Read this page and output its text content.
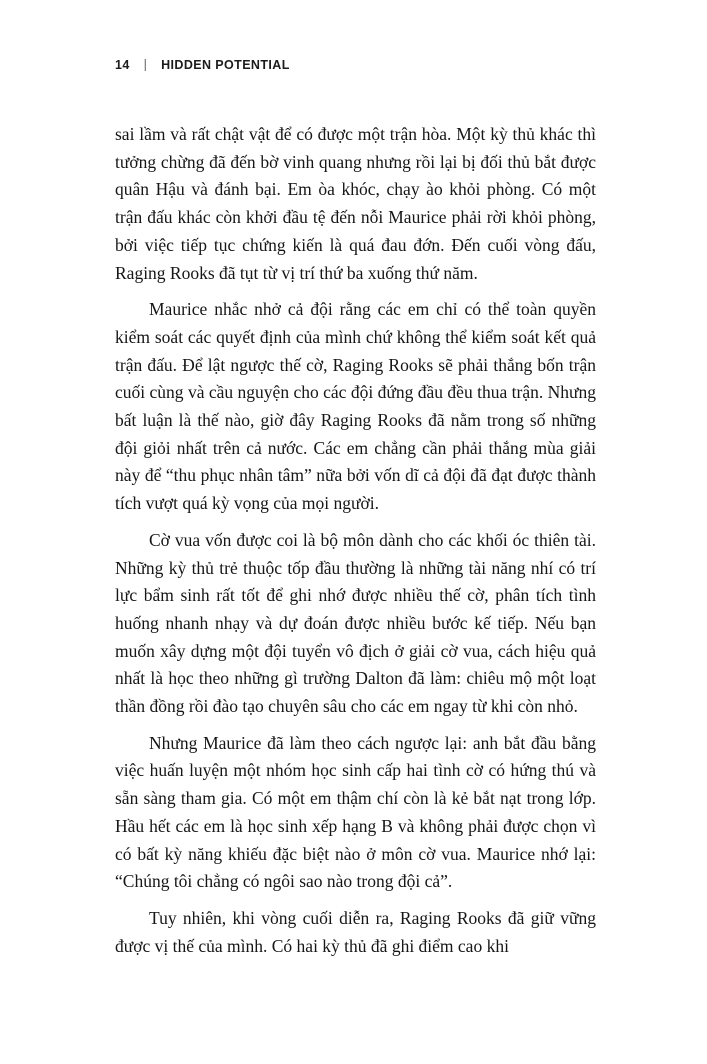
14 | HIDDEN POTENTIAL

sai lầm và rất chật vật để có được một trận hòa. Một kỳ thủ khác thì tưởng chừng đã đến bờ vinh quang nhưng rồi lại bị đối thủ bắt được quân Hậu và đánh bại. Em òa khóc, chạy ào khỏi phòng. Có một trận đấu khác còn khởi đầu tệ đến nỗi Maurice phải rời khỏi phòng, bởi việc tiếp tục chứng kiến là quá đau đớn. Đến cuối vòng đấu, Raging Rooks đã tụt từ vị trí thứ ba xuống thứ năm.

Maurice nhắc nhở cả đội rằng các em chỉ có thể toàn quyền kiểm soát các quyết định của mình chứ không thể kiểm soát kết quả trận đấu. Để lật ngược thế cờ, Raging Rooks sẽ phải thắng bốn trận cuối cùng và cầu nguyện cho các đội đứng đầu đều thua trận. Nhưng bất luận là thế nào, giờ đây Raging Rooks đã nằm trong số những đội giỏi nhất trên cả nước. Các em chẳng cần phải thắng mùa giải này để “thu phục nhân tâm” nữa bởi vốn dĩ cả đội đã đạt được thành tích vượt quá kỳ vọng của mọi người.

Cờ vua vốn được coi là bộ môn dành cho các khối óc thiên tài. Những kỳ thủ trẻ thuộc tốp đầu thường là những tài năng nhí có trí lực bẩm sinh rất tốt để ghi nhớ được nhiều thế cờ, phân tích tình huống nhanh nhạy và dự đoán được nhiều bước kế tiếp. Nếu bạn muốn xây dựng một đội tuyển vô địch ở giải cờ vua, cách hiệu quả nhất là học theo những gì trường Dalton đã làm: chiêu mộ một loạt thần đồng rồi đào tạo chuyên sâu cho các em ngay từ khi còn nhỏ.

Nhưng Maurice đã làm theo cách ngược lại: anh bắt đầu bằng việc huấn luyện một nhóm học sinh cấp hai tình cờ có hứng thú và sẵn sàng tham gia. Có một em thậm chí còn là kẻ bắt nạt trong lớp. Hầu hết các em là học sinh xếp hạng B và không phải được chọn vì có bất kỳ năng khiếu đặc biệt nào ở môn cờ vua. Maurice nhớ lại: “Chúng tôi chẳng có ngôi sao nào trong đội cả”.

Tuy nhiên, khi vòng cuối diễn ra, Raging Rooks đã giữ vững được vị thế của mình. Có hai kỳ thủ đã ghi điểm cao khi
